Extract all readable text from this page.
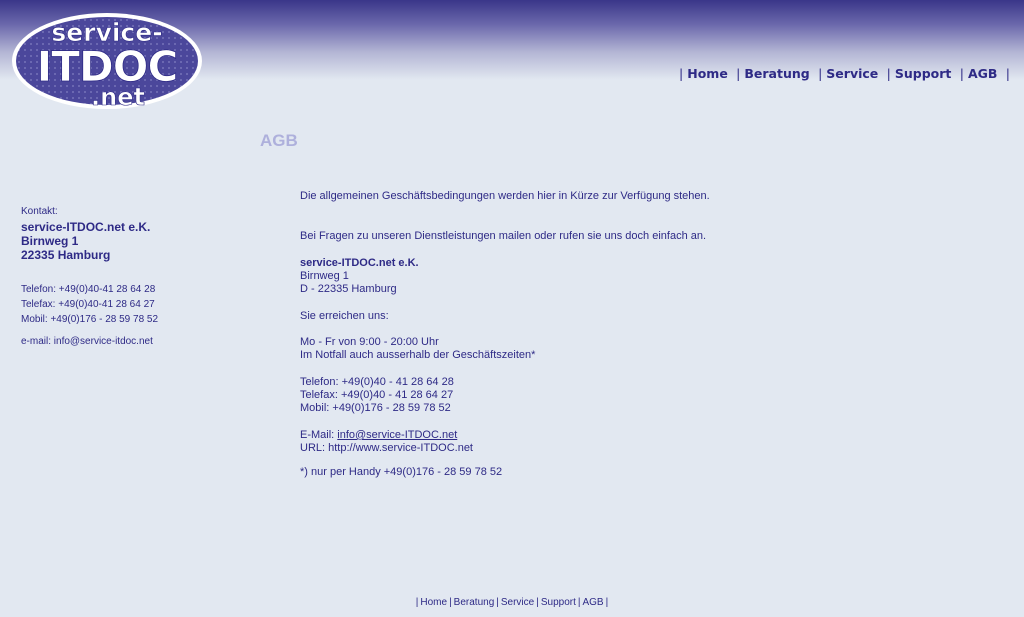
service-
ITDOC
.net
| Home | Beratung | Service | Support | AGB |
AGB
Kontakt:
service-ITDOC.net e.K.
Birnweg 1
22335 Hamburg
Telefon: +49(0)40-41 28 64 28
Telefax: +49(0)40-41 28 64 27
Mobil: +49(0)176 - 28 59 78 52
e-mail: info@service-itdoc.net

Die allgemeinen Geschäftsbedingungen werden hier in Kürze zur Verfügung stehen.

Bei Fragen zu unseren Dienstleistungen mailen oder rufen sie uns doch einfach an.

service-ITDOC.net e.K.

Birnweg 1

D - 22335 Hamburg

Sie erreichen uns:

Mo - Fr von 9:00 - 20:00 Uhr

Im Notfall auch ausserhalb der Geschäftszeiten*

Telefon: +49(0)40 - 41 28 64 28

Telefax: +49(0)40 - 41 28 64 27

Mobil: +49(0)176 - 28 59 78 52

E-Mail: info@service-ITDOC.net

URL: http://www.service-ITDOC.net

*) nur per Handy +49(0)176 - 28 59 78 52

| Home | Beratung | Service | Support | AGB |
